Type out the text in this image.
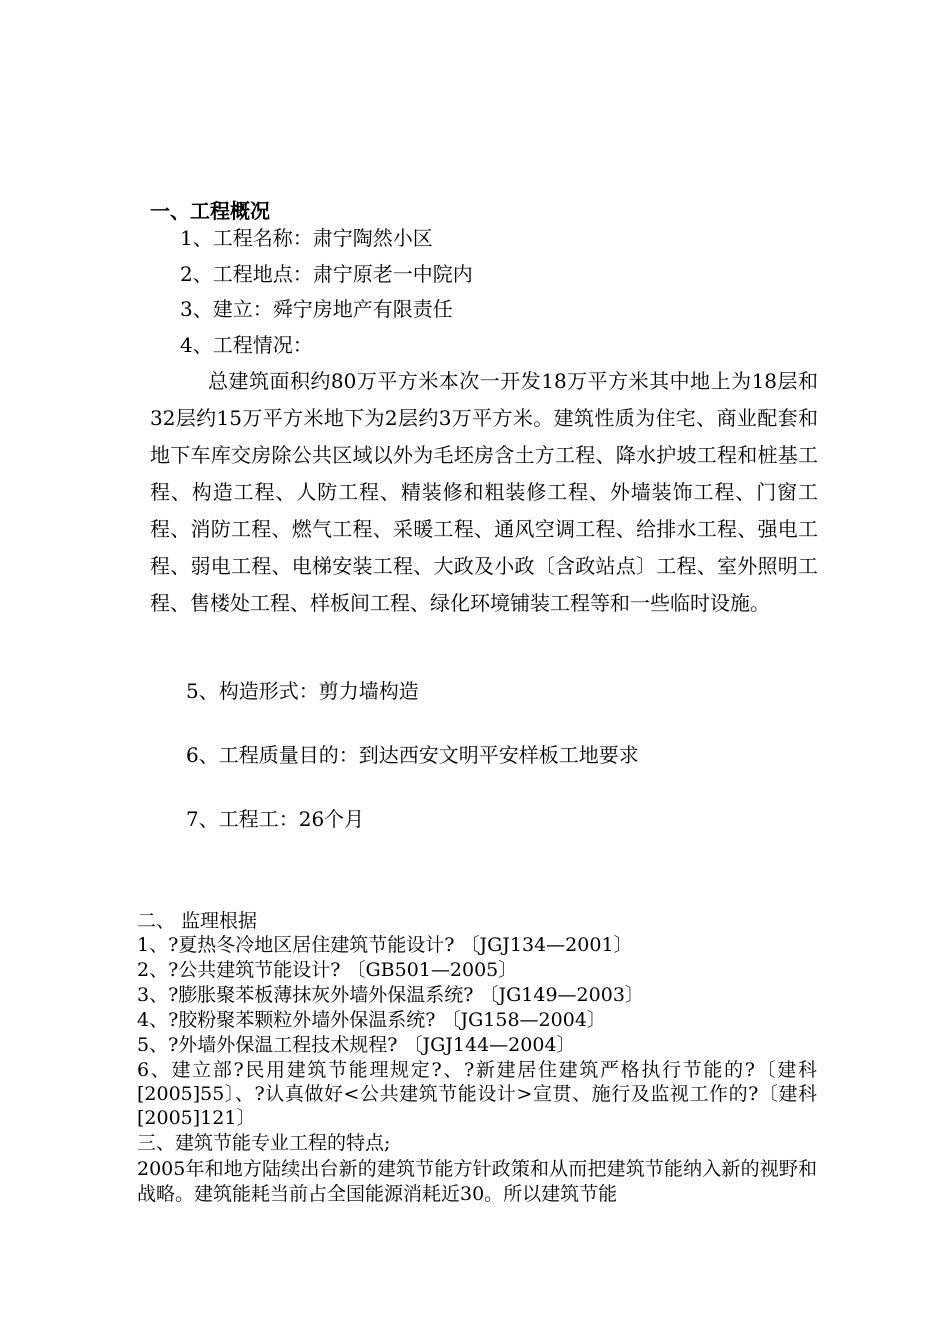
一、工程概况
1、工程名称：肃宁陶然小区
2、工程地点：肃宁原老一中院内
3、建立：舜宁房地产有限责任
4、工程情况：
总建筑面积约80万平方米本次一开发18万平方米其中地上为18层和32层约15万平方米地下为2层约3万平方米。建筑性质为住宅、商业配套和地下车库交房除公共区域以外为毛坯房含土方工程、降水护坡工程和桩基工程、构造工程、人防工程、精装修和粗装修工程、外墙装饰工程、门窗工程、消防工程、燃气工程、采暖工程、通风空调工程、给排水工程、强电工程、弱电工程、电梯安装工程、大政及小政〔含政站点〕工程、室外照明工程、售楼处工程、样板间工程、绿化环境铺装工程等和一些临时设施。
5、构造形式：剪力墙构造
6、工程质量目的：到达西安文明平安样板工地要求
7、工程工：26个月
二、 监理根据
1、?夏热冬冷地区居住建筑节能设计? 〔JGJ134—2001〕
2、?公共建筑节能设计? 〔GB501—2005〕
3、?膨胀聚苯板薄抹灰外墙外保温系统? 〔JG149—2003〕
4、?胶粉聚苯颗粒外墙外保温系统? 〔JG158—2004〕
5、?外墙外保温工程技术规程? 〔JGJ144—2004〕
6、建立部?民用建筑节能理规定?、?新建居住建筑严格执行节能的?〔建科[2005]55〕、?认真做好<公共建筑节能设计>宣贯、施行及监视工作的?〔建科[2005]121〕
三、建筑节能专业工程的特点;
2005年和地方陆续出台新的建筑节能方针政策和从而把建筑节能纳入新的视野和战略。建筑能耗当前占全国能源消耗近30。所以建筑节能
